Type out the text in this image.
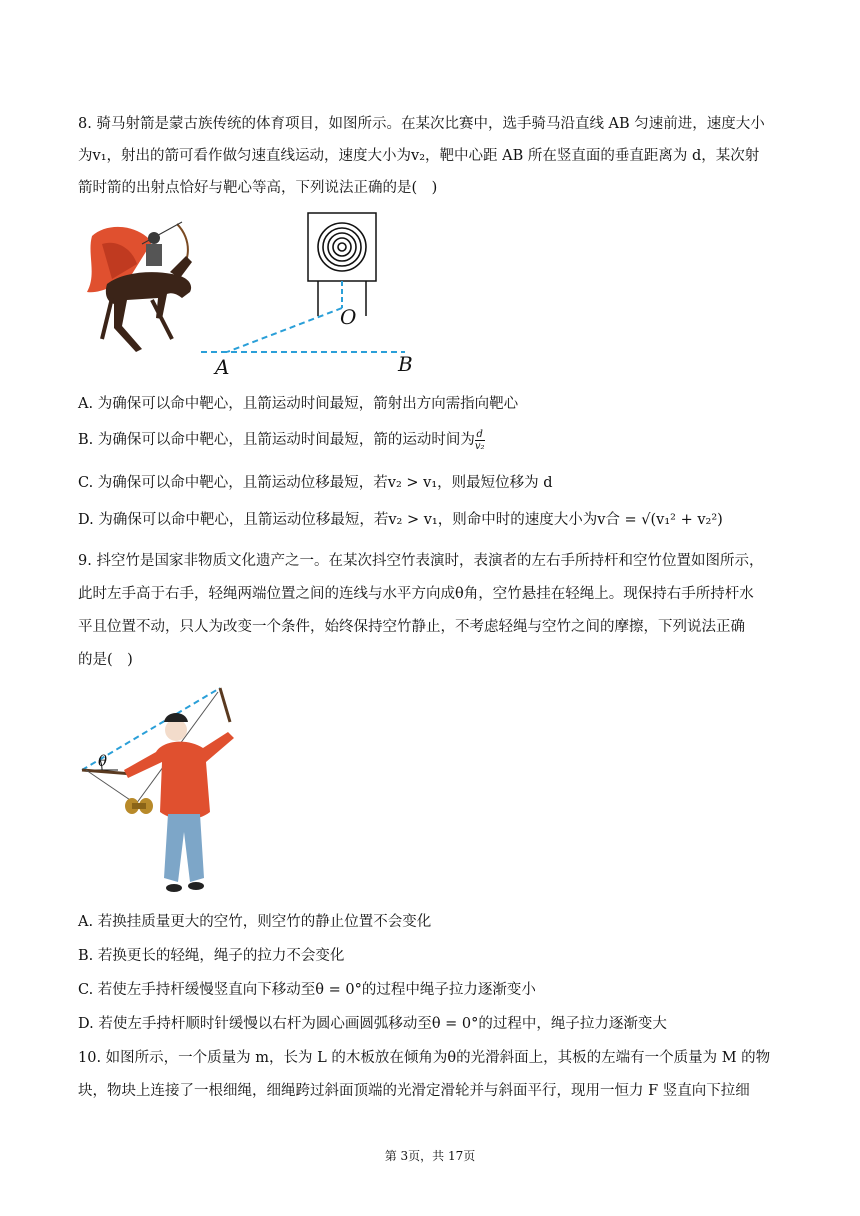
8. 骑马射箭是蒙古族传统的体育项目，如图所示。在某次比赛中，选手骑马沿直线 AB 匀速前进，速度大小
为v₁，射出的箭可看作做匀速直线运动，速度大小为v₂，靶中心距 AB 所在竖直面的垂直距离为 d，某次射
箭时箭的出射点恰好与靶心等高，下列说法正确的是(　)
O
A	B
A. 为确保可以命中靶心，且箭运动时间最短，箭射出方向需指向靶心
B. 为确保可以命中靶心，且箭运动时间最短，箭的运动时间为 $\frac{d}{\text{v₂}}$
C. 为确保可以命中靶心，且箭运动位移最短，若v₂ > v₁，则最短位移为 d
D. 为确保可以命中靶心，且箭运动位移最短，若v₂ > v₁，则命中时的速度大小为v合 = √(v₁² + v₂²)
9. 抖空竹是国家非物质文化遗产之一。在某次抖空竹表演时，表演者的左右手所持杆和空竹位置如图所示，
此时左手高于右手，轻绳两端位置之间的连线与水平方向成θ角，空竹悬挂在轻绳上。现保持右手所持杆水
平且位置不动，只人为改变一个条件，始终保持空竹静止，不考虑轻绳与空竹之间的摩擦，下列说法正确
的是(　)
θ
A. 若换挂质量更大的空竹，则空竹的静止位置不会变化
B. 若换更长的轻绳，绳子的拉力不会变化
C. 若使左手持杆缓慢竖直向下移动至θ = 0°的过程中绳子拉力逐渐变小
D. 若使左手持杆顺时针缓慢以右杆为圆心画圆弧移动至θ = 0°的过程中，绳子拉力逐渐变大
10. 如图所示，一个质量为 m，长为 L 的木板放在倾角为θ的光滑斜面上，其板的左端有一个质量为 M 的物
块，物块上连接了一根细绳，细绳跨过斜面顶端的光滑定滑轮并与斜面平行，现用一恒力 F 竖直向下拉细
第 3页，共 17页
